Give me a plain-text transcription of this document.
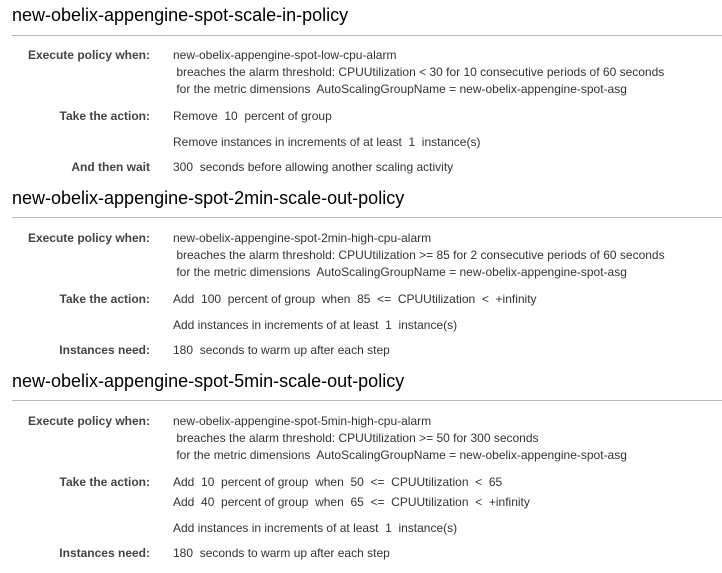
new-obelix-appengine-spot-scale-in-policy
Execute policy when: new-obelix-appengine-spot-low-cpu-alarm
breaches the alarm threshold: CPUUtilization < 30 for 10 consecutive periods of 60 seconds
for the metric dimensions  AutoScalingGroupName = new-obelix-appengine-spot-asg
Take the action: Remove  10  percent of group
Remove instances in increments of at least  1  instance(s)
And then wait 300  seconds before allowing another scaling activity
new-obelix-appengine-spot-2min-scale-out-policy
Execute policy when: new-obelix-appengine-spot-2min-high-cpu-alarm
breaches the alarm threshold: CPUUtilization >= 85 for 2 consecutive periods of 60 seconds
for the metric dimensions  AutoScalingGroupName = new-obelix-appengine-spot-asg
Take the action: Add  100  percent of group  when  85  <=  CPUUtilization  <  +infinity
Add instances in increments of at least  1  instance(s)
Instances need: 180  seconds to warm up after each step
new-obelix-appengine-spot-5min-scale-out-policy
Execute policy when: new-obelix-appengine-spot-5min-high-cpu-alarm
breaches the alarm threshold: CPUUtilization >= 50 for 300 seconds
for the metric dimensions  AutoScalingGroupName = new-obelix-appengine-spot-asg
Take the action: Add  10  percent of group  when  50  <=  CPUUtilization  <  65
Add  40  percent of group  when  65  <=  CPUUtilization  <  +infinity
Add instances in increments of at least  1  instance(s)
Instances need: 180  seconds to warm up after each step
